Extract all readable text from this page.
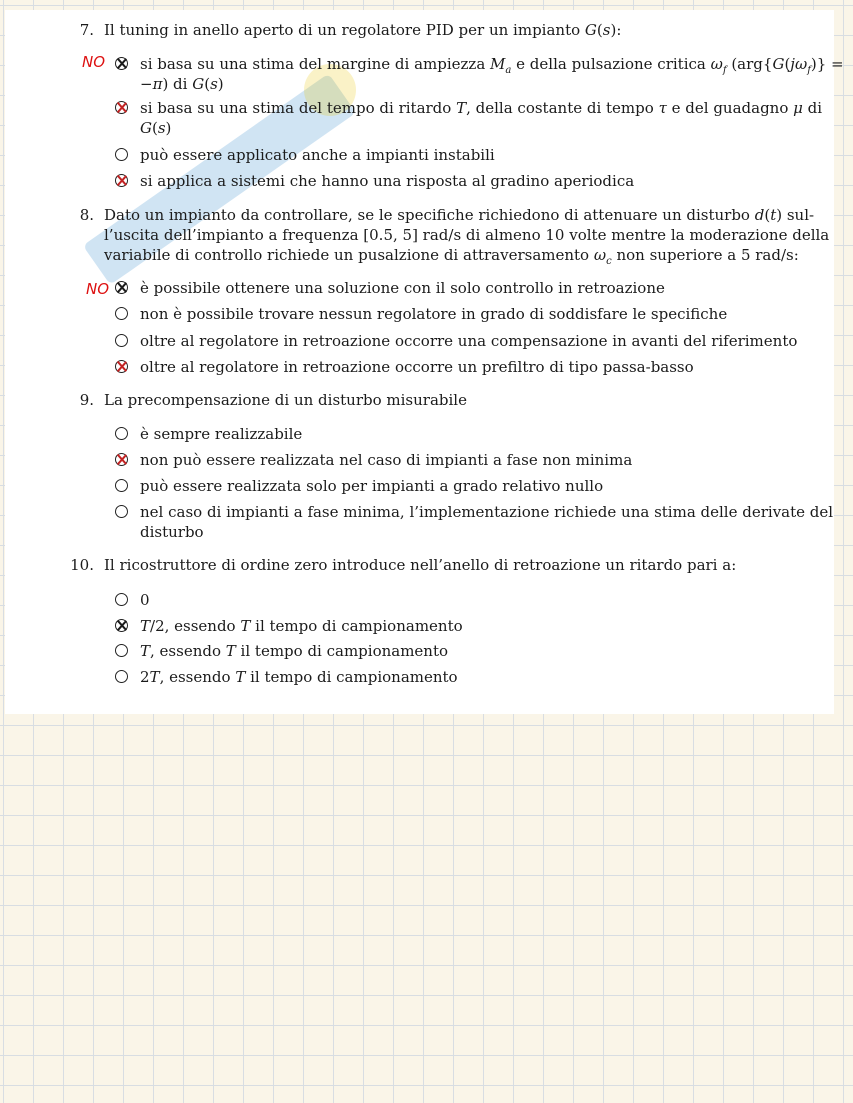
7. Il tuning in anello aperto di un regolatore PID per un impianto G(s):
NO si basa su una stima del margine di ampiezza $M_a$ e della pulsazione critica $\omega_f$ ($arg\{G(j\omega_f)\}$ =
−π) di G(s)
si basa su una stima del tempo di ritardo T, della costante di tempo τ e del guadagno μ di
G(s)
può essere applicato anche a impianti instabili
si applica a sistemi che hanno una risposta al gradino aperiodica
8. Dato un impianto da controllare, se le specifiche richiedono di attenuare un disturbo d(t) sul-
l’uscita dell’impianto a frequenza [0.5, 5] rad/s di almeno 10 volte mentre la moderazione della
variabile di controllo richiede un pusalzione di attraversamento $\omega_c$ non superiore a 5 rad/s:
NO è possibile ottenere una soluzione con il solo controllo in retroazione
non è possibile trovare nessun regolatore in grado di soddisfare le specifiche
oltre al regolatore in retroazione occorre una compensazione in avanti del riferimento
oltre al regolatore in retroazione occorre un prefiltro di tipo passa-basso
9. La precompensazione di un disturbo misurabile
è sempre realizzabile
non può essere realizzata nel caso di impianti a fase non minima
può essere realizzata solo per impianti a grado relativo nullo
nel caso di impianti a fase minima, l’implementazione richiede una stima delle derivate del
disturbo
10. Il ricostruttore di ordine zero introduce nell’anello di retroazione un ritardo pari a:
0
T/2, essendo T il tempo di campionamento
T, essendo T il tempo di campionamento
2T, essendo T il tempo di campionamento
